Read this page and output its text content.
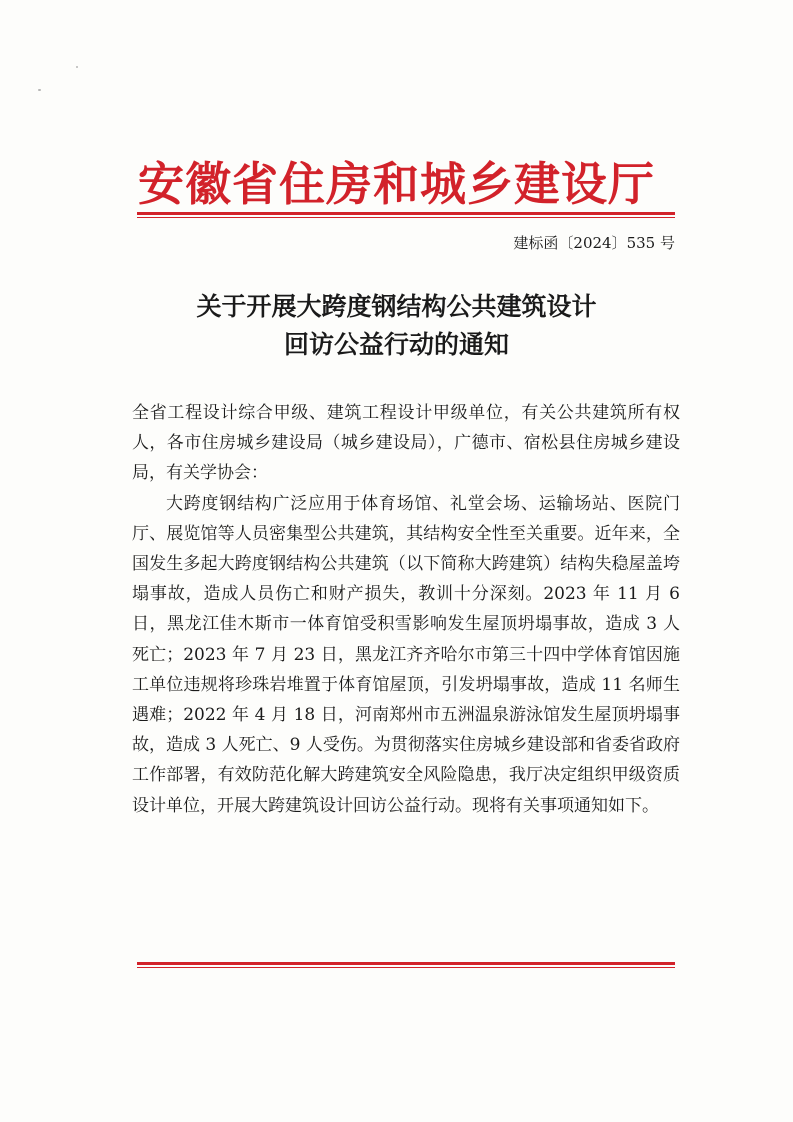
安徽省住房和城乡建设厅
建标函〔2024〕535 号
关于开展大跨度钢结构公共建筑设计
回访公益行动的通知

全省工程设计综合甲级、建筑工程设计甲级单位，有关公共建筑所有权人，各市住房城乡建设局（城乡建设局），广德市、宿松县住房城乡建设局，有关学协会：

大跨度钢结构广泛应用于体育场馆、礼堂会场、运输场站、医院门厅、展览馆等人员密集型公共建筑，其结构安全性至关重要。近年来，全国发生多起大跨度钢结构公共建筑（以下简称大跨建筑）结构失稳屋盖垮塌事故，造成人员伤亡和财产损失，教训十分深刻。2023 年 11 月 6 日，黑龙江佳木斯市一体育馆受积雪影响发生屋顶坍塌事故，造成 3 人死亡；2023 年 7 月 23 日，黑龙江齐齐哈尔市第三十四中学体育馆因施工单位违规将珍珠岩堆置于体育馆屋顶，引发坍塌事故，造成 11 名师生遇难；2022 年 4 月 18 日，河南郑州市五洲温泉游泳馆发生屋顶坍塌事故，造成 3 人死亡、9 人受伤。为贯彻落实住房城乡建设部和省委省政府工作部署，有效防范化解大跨建筑安全风险隐患，我厅决定组织甲级资质设计单位，开展大跨建筑设计回访公益行动。现将有关事项通知如下。
